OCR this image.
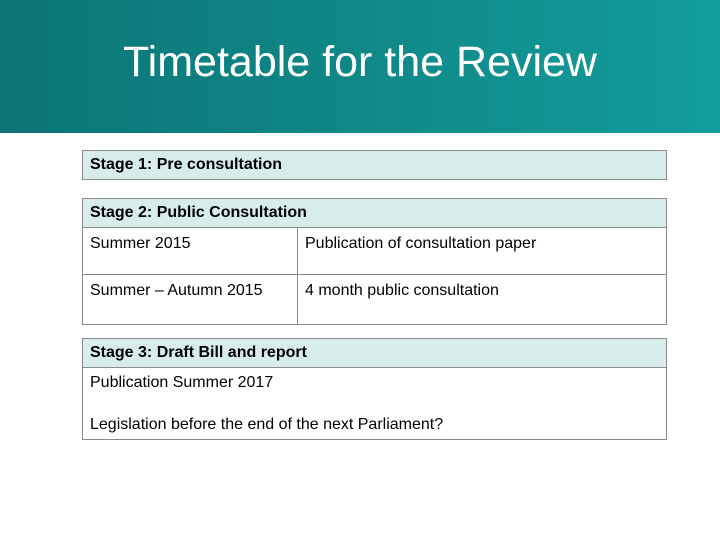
Timetable for the Review
Stage 1: Pre consultation
Stage 2: Public Consultation
Summer 2015	Publication of consultation paper
Summer – Autumn 2015	4 month public consultation
Stage 3: Draft Bill and report
Publication Summer 2017
Legislation before the end of the next Parliament?
